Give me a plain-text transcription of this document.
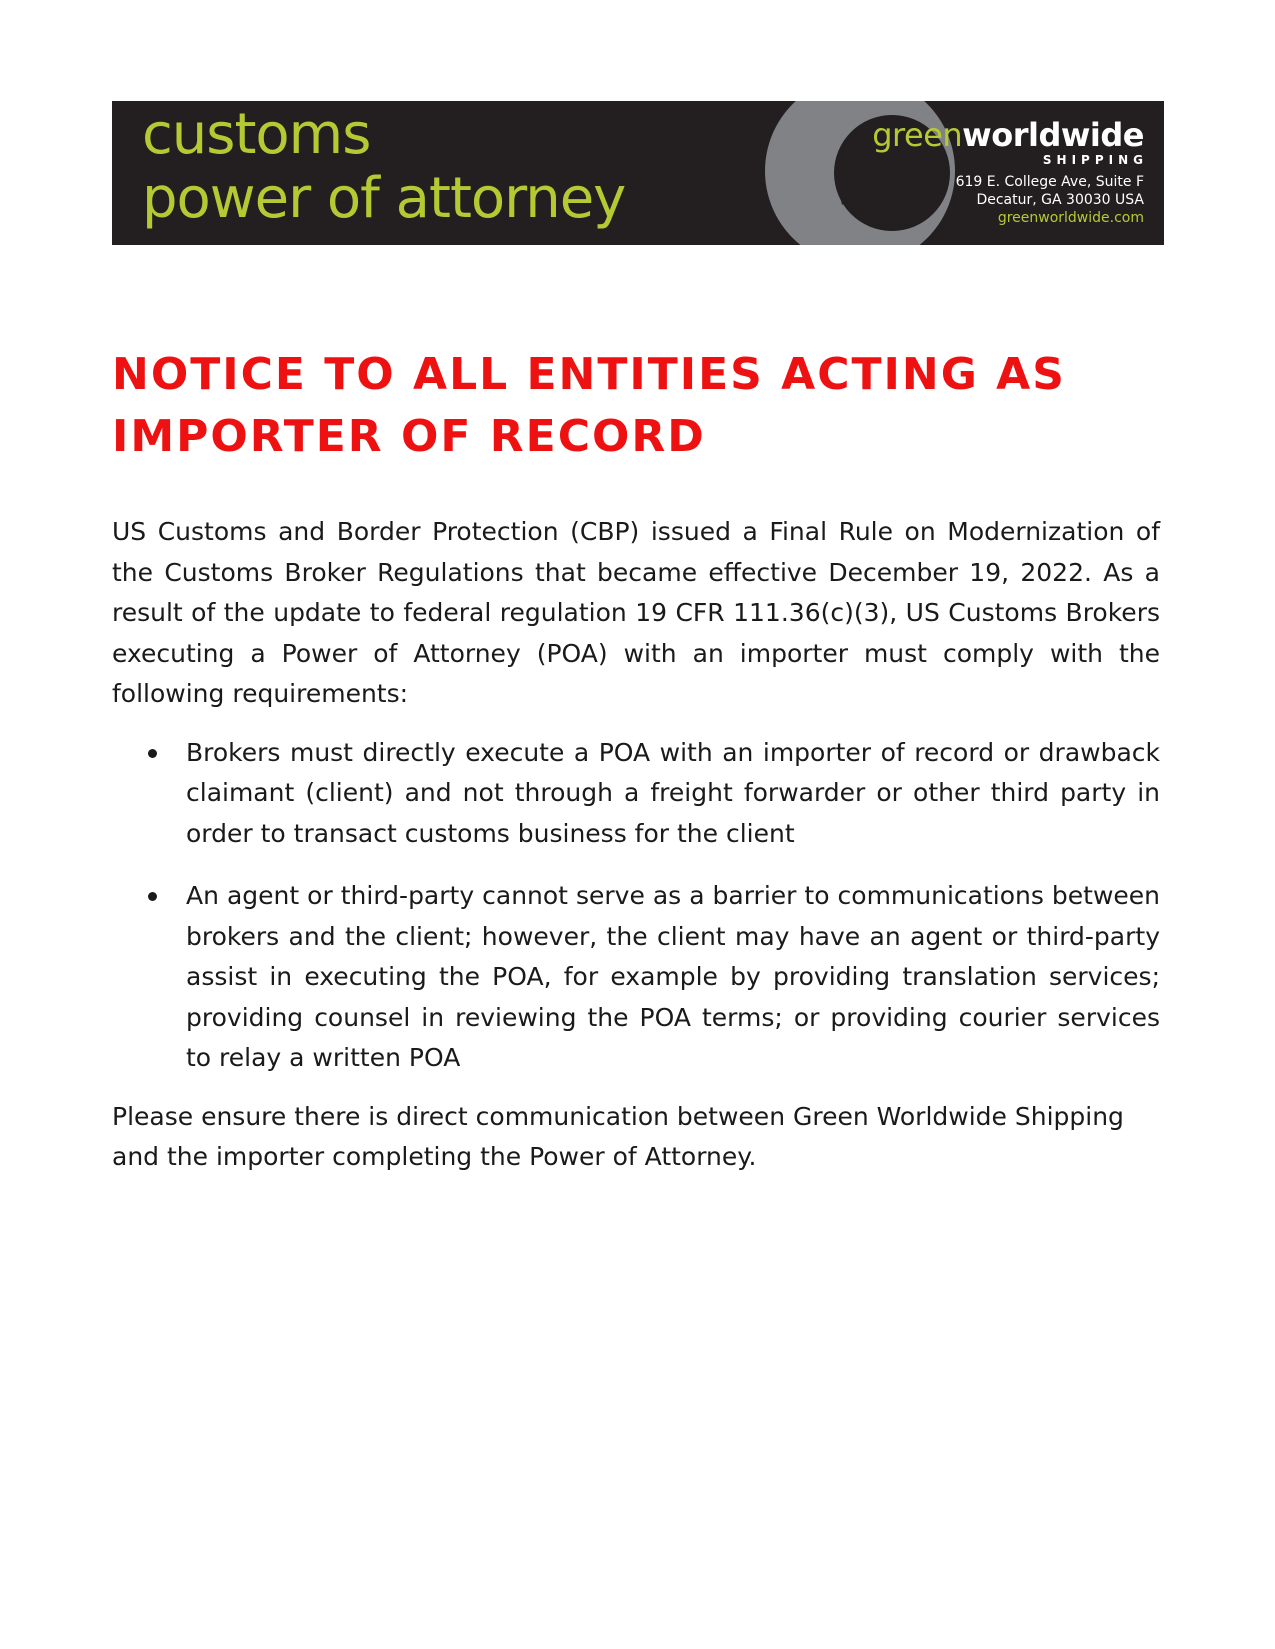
customs
power of attorney
greenworldwide
SHIPPING
619 E. College Ave, Suite F
Decatur, GA 30030 USA
greenworldwide.com
NOTICE TO ALL ENTITIES ACTING AS IMPORTER OF RECORD

US Customs and Border Protection (CBP) issued a Final Rule on Modernization of the Customs Broker Regulations that became effective December 19, 2022. As a result of the update to federal regulation 19 CFR 111.36(c)(3), US Customs Brokers executing a Power of Attorney (POA) with an importer must comply with the following requirements:

Brokers must directly execute a POA with an importer of record or drawback claimant (client) and not through a freight forwarder or other third party in order to transact customs business for the client
An agent or third-party cannot serve as a barrier to communications between brokers and the client; however, the client may have an agent or third-party assist in executing the POA, for example by providing translation services; providing counsel in reviewing the POA terms; or providing courier services to relay a written POA

Please ensure there is direct communication between Green Worldwide Shipping and the importer completing the Power of Attorney.
